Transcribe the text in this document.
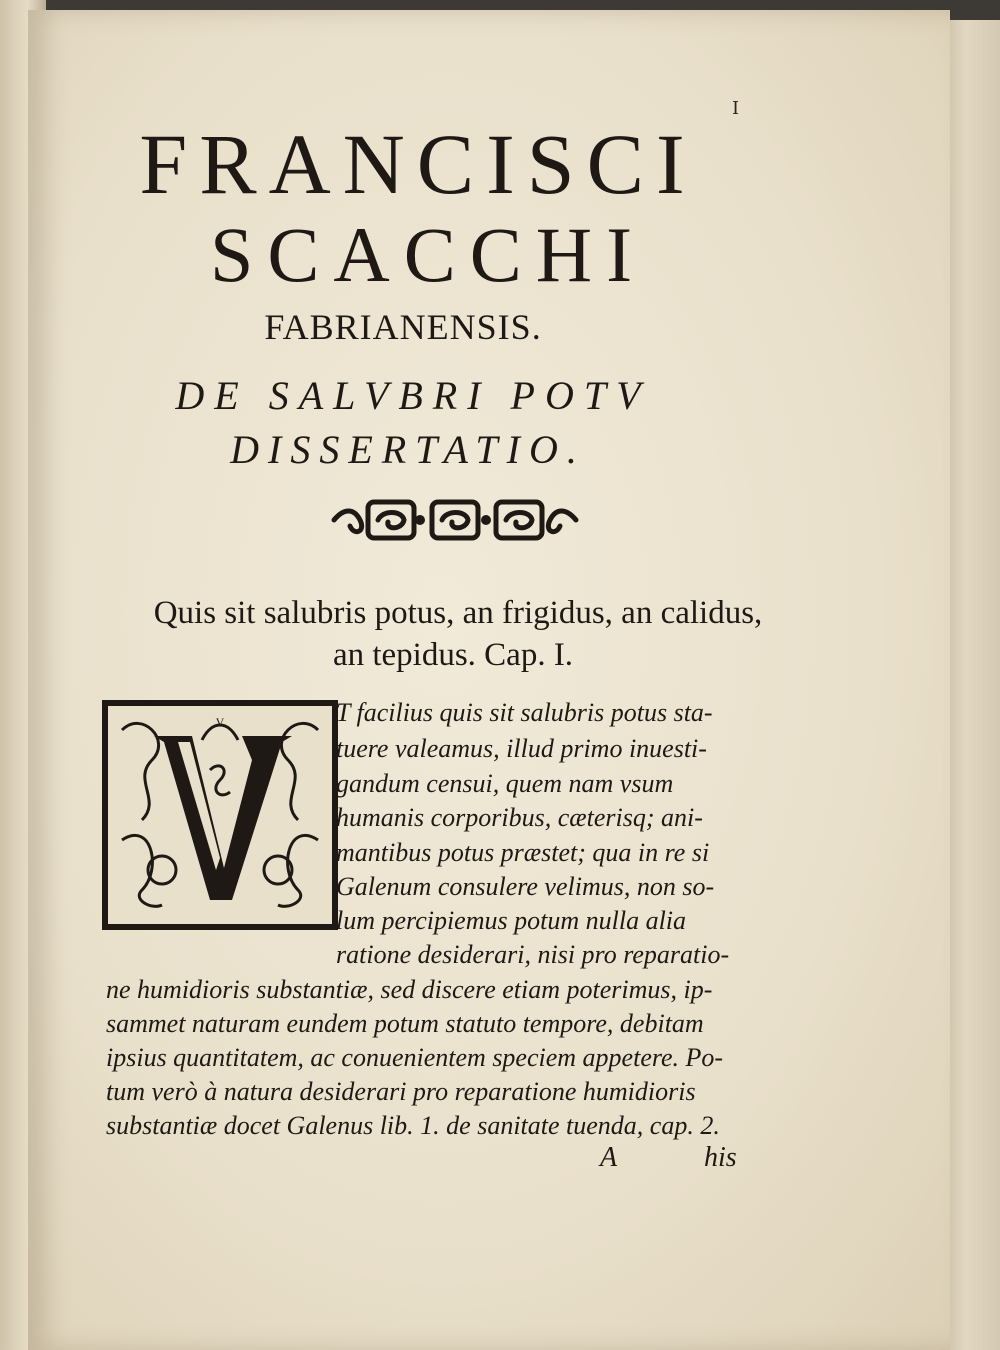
I
FRANCISCI
SCACCHI
FABRIANENSIS.
DE SALVBRI POTV
DISSERTATIO.
Quis sit salubris potus, an frigidus, an calidus,
an tepidus. Cap. I.
V	T facilius quis sit salubris potus sta-
tuere valeamus, illud primo inuesti-
gandum censui, quem nam vsum
humanis corporibus, cæterisq; ani-
mantibus potus præstet; qua in re si
Galenum consulere velimus, non so-
lum percipiemus potum nulla alia
ratione desiderari, nisi pro reparatio-
ne humidioris substantiæ, sed discere etiam poterimus, ip-
sammet naturam eundem potum statuto tempore, debitam
ipsius quantitatem, ac conuenientem speciem appetere. Po-
tum verò à natura desiderari pro reparatione humidioris
substantiæ docet Galenus lib. 1. de sanitate tuenda, cap. 2.
A	his
